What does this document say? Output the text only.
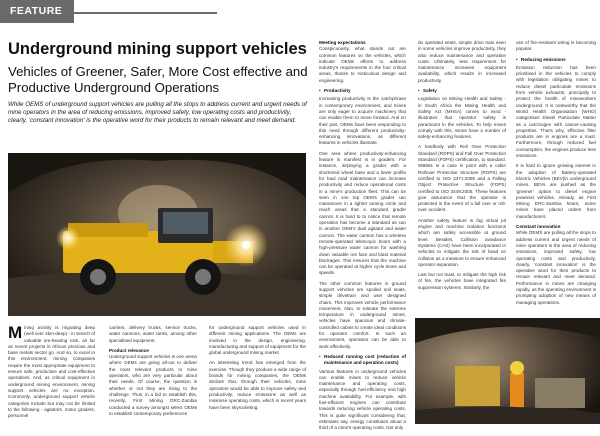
FEATURE
Underground mining support vehicles
Vehicles of Greener, Safer, More Cost effective and Productive Underground Operations
While OEMS of underground support vehicles are pulling all the stops to address current and urgent needs of mine operators in the area of reducing emissions, improved safety, low operating costs and productivity, clearly, 'constant innovation' is the operative word for their products to remain relevant and meet demand.

Mining activity is migrating deep (well over 4km-deep) - in search of valuable ore-bearing rock, as far as recent projects in African precious and base metals sector go. And so, to excel in this environment, mining companies require the most appropriate equipment to ensure safe, productive and cost-effective operations. And, as critical equipment in underground mining environment, mining support vehicles are no exception. Commonly, underground support vehicle categories include but may not be limited to the following - agitators, motor graders, personnel

carriers, delivery trucks, service trucks, water cannons, water tanks, among other specialised equipment.

Product relevance

Underground support vehicles is one arena where OEMs are going all-out to deliver the most relevant products to mine operators, who are very particular about their needs. Of course, the question is whether or not they are rising to the challenge. Thus, in a bid to establish this, recently, First Mining DRC-Zambia conducted a survey amongst select OEMs to establish contemporary preferences

for underground support vehicles used in different mining applications. The OEMs are involved in the design, engineering, manufacturing and support of equipment for the global underground mining market.

An interesting trend has emerged from the exercise. Though they produce a wide range of brands for mining companies, the OEMs declare that, through their vehicles, mine operators would be able to improve safety and productivity, reduce emissions as well as minimise operating costs, which in recent years have been skyrocketing.

Meeting expectations

Conspicuously, what stands out are common features on the vehicles, which indicate OEMs efforts to address industry's requirements in the four critical areas, thanks to meticulous design and engineering.

• Productivity

Increasing productivity is the catchphrase in contemporary environment, and mines are only eager to acquire machinery that can enable them to move forward. And on their part, OEMs have been responding to this need through different productivity-enhancing innovations, as different features in vehicles illustrate.

One area where productivity-enhancing feature is manifest is in graders. For instance, deploying a grader with a shortened wheel base and a lower profile for haul road maintenance can increase productivity and reduce operational costs in a mine's production fleet. This can be seen in one top OEM's grader can manoeuvre in a tighter turning circle and reach areas that a standard grader cannot. It is hard to to notice that remote operation has become a standard as can in another OEM's dual agitator and water cannon. The water cannon has a wireless remote-operated telescopic boom with a high-pressure water cannon for washing down valuable ore face and blast material blockages. This ensures that the machine can be operated at higher cycle times and speeds.

The other common features in ground support vehicles are spoiled soil seats, simple drivetrain and user designed chairs. This improves vehicle performance movement. Also, to tolerate the extreme temperature in underground mines, vehicles have spacious and climate-controlled cabins to create ideal conditions for operator comfort. In such an environment, operators can be able to work effectively.

• Reduced running cost (reduction of maintenance and operation costs)

Various features in underground vehicles can enable mines to reduce vehicle maintenance and operating costs, especially through fuel-efficiency and high machine availability. For example, with fuel-efficient engines can contribute towards reducing vehicle operating costs. This is quite significant considering that, estimates say, energy constitutes about a third of a mine's operating costs. Not only

do operated seats, simple drive train seen in some vehicles improve productivity, they also reduce maintenance and operation costs. Ultimately, less requirement for maintenance increases equipment availability, which results in increased productivity.

• Safety

Legislation on Mining Health and Safety - in South Africa the Mining Health and Safety Act (MHSA) comes to mind - illustrates that operator safety is paramount in the vehicles. To help mines comply with this, mines have a number of safety-enhancing features.

A hardbody with Roll Over Protection Standard (ROPS) and Fall Over Protection Standard (FOPS) certification, to standard. WB661 is a case in point with a cabin Rollover Protective Structure (ROPS) are certified to ISO 3471:2008 and a Falling Object Protective Structure (FOPS) certified to ISO 3449:2005. These features give assurance that the operator is protected in the event of a fall over or roll-over accident.

Another safety feature is fog virtual pit engine and machine isolation functions which are safely accessible at ground level. Besides, Collision avoidance Systems (CAS) have been incorporated in vehicles to mitigate the risk of head on collision as a measure to ensure enhanced operator separation.

Last but not least, to mitigate the high risk of fire, the vehicles have integrated fire suppression systems. Similarly, the

use of fire-resistant wiring is becoming popular.

• Reducing emissions

Emission reduction has been prioritised in the vehicles to comply with legislation obligating mines to reduce diesel particulate emissions from vehicle exhausts, principally to protect the health of mineworkers underground. It is noteworthy that the World Health Organisation (WHO) categorises Diesel Particulate Matter as a carcinogen with cancer-causing properties. That's why, effective filter products are in engines are a must. Furthermore, through reduced fuel consumption, the engines produce less emissions.

It is hard to ignore growing interest in the adoption of Battery-operated Electric Vehicles (BEV)in underground mines. BEVs are pushed as the 'greener' option to diesel engine powered vehicles. Already, as First Mining DRC-Zambia hears, some mines have placed orders from manufacturers.

Constant innovation

While OEMS are pulling all the stops to address current and urgent needs of mine operators in the area of reducing emissions, improved safety, low operating costs and productivity, clearly, 'constant innovation' is the operative word for their products to remain relevant and meet demand. Performance in mines are changing rapidly, as the operating environment is prompting adoption of new means of managing operations.
